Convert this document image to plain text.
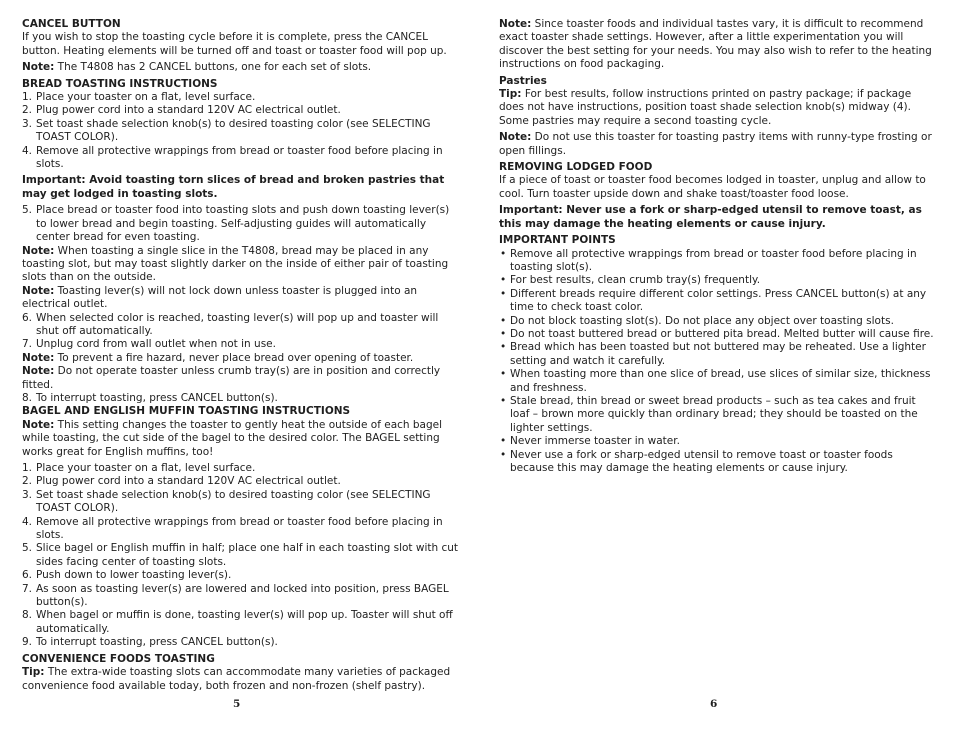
CANCEL BUTTON

If you wish to stop the toasting cycle before it is complete, press the CANCEL button. Heating elements will be turned off and toast or toaster food will pop up.

Note: The T4808 has 2 CANCEL buttons, one for each set of slots.

BREAD TOASTING INSTRUCTIONS

1. Place your toaster on a flat, level surface.
2. Plug power cord into a standard 120V AC electrical outlet.
3. Set toast shade selection knob(s) to desired toasting color (see SELECTING TOAST COLOR).
4. Remove all protective wrappings from bread or toaster food before placing in slots.

Important: Avoid toasting torn slices of bread and broken pastries that may get lodged in toasting slots.

5. Place bread or toaster food into toasting slots and push down toasting lever(s) to lower bread and begin toasting. Self-adjusting guides will automatically center bread for even toasting.

Note: When toasting a single slice in the T4808, bread may be placed in any toasting slot, but may toast slightly darker on the inside of either pair of toasting slots than on the outside.

Note: Toasting lever(s) will not lock down unless toaster is plugged into an electrical outlet.

6. When selected color is reached, toasting lever(s) will pop up and toaster will shut off automatically.
7. Unplug cord from wall outlet when not in use.

Note: To prevent a fire hazard, never place bread over opening of toaster.

Note: Do not operate toaster unless crumb tray(s) are in position and correctly fitted.

8. To interrupt toasting, press CANCEL button(s).

BAGEL AND ENGLISH MUFFIN TOASTING INSTRUCTIONS

Note: This setting changes the toaster to gently heat the outside of each bagel while toasting, the cut side of the bagel to the desired color. The BAGEL setting works great for English muffins, too!

1. Place your toaster on a flat, level surface.
2. Plug power cord into a standard 120V AC electrical outlet.
3. Set toast shade selection knob(s) to desired toasting color (see SELECTING TOAST COLOR).
4. Remove all protective wrappings from bread or toaster food before placing in slots.
5. Slice bagel or English muffin in half; place one half in each toasting slot with cut sides facing center of toasting slots.
6. Push down to lower toasting lever(s).
7. As soon as toasting lever(s) are lowered and locked into position, press BAGEL button(s).
8. When bagel or muffin is done, toasting lever(s) will pop up. Toaster will shut off automatically.
9. To interrupt toasting, press CANCEL button(s).

CONVENIENCE FOODS TOASTING

Tip: The extra-wide toasting slots can accommodate many varieties of packaged convenience food available today, both frozen and non-frozen (shelf pastry).

5

Note: Since toaster foods and individual tastes vary, it is difficult to recommend exact toaster shade settings. However, after a little experimentation you will discover the best setting for your needs. You may also wish to refer to the heating instructions on food packaging.

Pastries

Tip: For best results, follow instructions printed on pastry package; if package does not have instructions, position toast shade selection knob(s) midway (4). Some pastries may require a second toasting cycle.

Note: Do not use this toaster for toasting pastry items with runny-type frosting or open fillings.

REMOVING LODGED FOOD

If a piece of toast or toaster food becomes lodged in toaster, unplug and allow to cool. Turn toaster upside down and shake toast/toaster food loose.

Important: Never use a fork or sharp-edged utensil to remove toast, as this may damage the heating elements or cause injury.

IMPORTANT POINTS

• Remove all protective wrappings from bread or toaster food before placing in toasting slot(s).
• For best results, clean crumb tray(s) frequently.
• Different breads require different color settings. Press CANCEL button(s) at any time to check toast color.
• Do not block toasting slot(s). Do not place any object over toasting slots.
• Do not toast buttered bread or buttered pita bread. Melted butter will cause fire.
• Bread which has been toasted but not buttered may be reheated. Use a lighter setting and watch it carefully.
• When toasting more than one slice of bread, use slices of similar size, thickness and freshness.
• Stale bread, thin bread or sweet bread products – such as tea cakes and fruit loaf – brown more quickly than ordinary bread; they should be toasted on the lighter settings.
• Never immerse toaster in water.
• Never use a fork or sharp-edged utensil to remove toast or toaster foods because this may damage the heating elements or cause injury.
6
